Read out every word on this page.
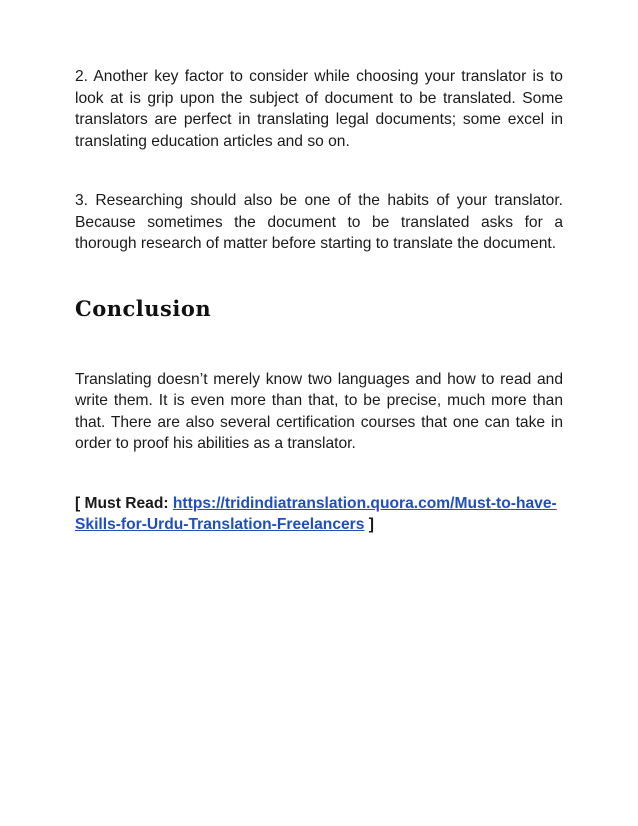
2. Another key factor to consider while choosing your translator is to look at is grip upon the subject of document to be translated. Some translators are perfect in translating legal documents; some excel in translating education articles and so on.

3. Researching should also be one of the habits of your translator. Because sometimes the document to be translated asks for a thorough research of matter before starting to translate the document.

Conclusion

Translating doesn’t merely know two languages and how to read and write them. It is even more than that, to be precise, much more than that. There are also several certification courses that one can take in order to proof his abilities as a translator.

[ Must Read: https://tridindiatranslation.quora.com/Must-to-have-Skills-for-Urdu-Translation-Freelancers ]
